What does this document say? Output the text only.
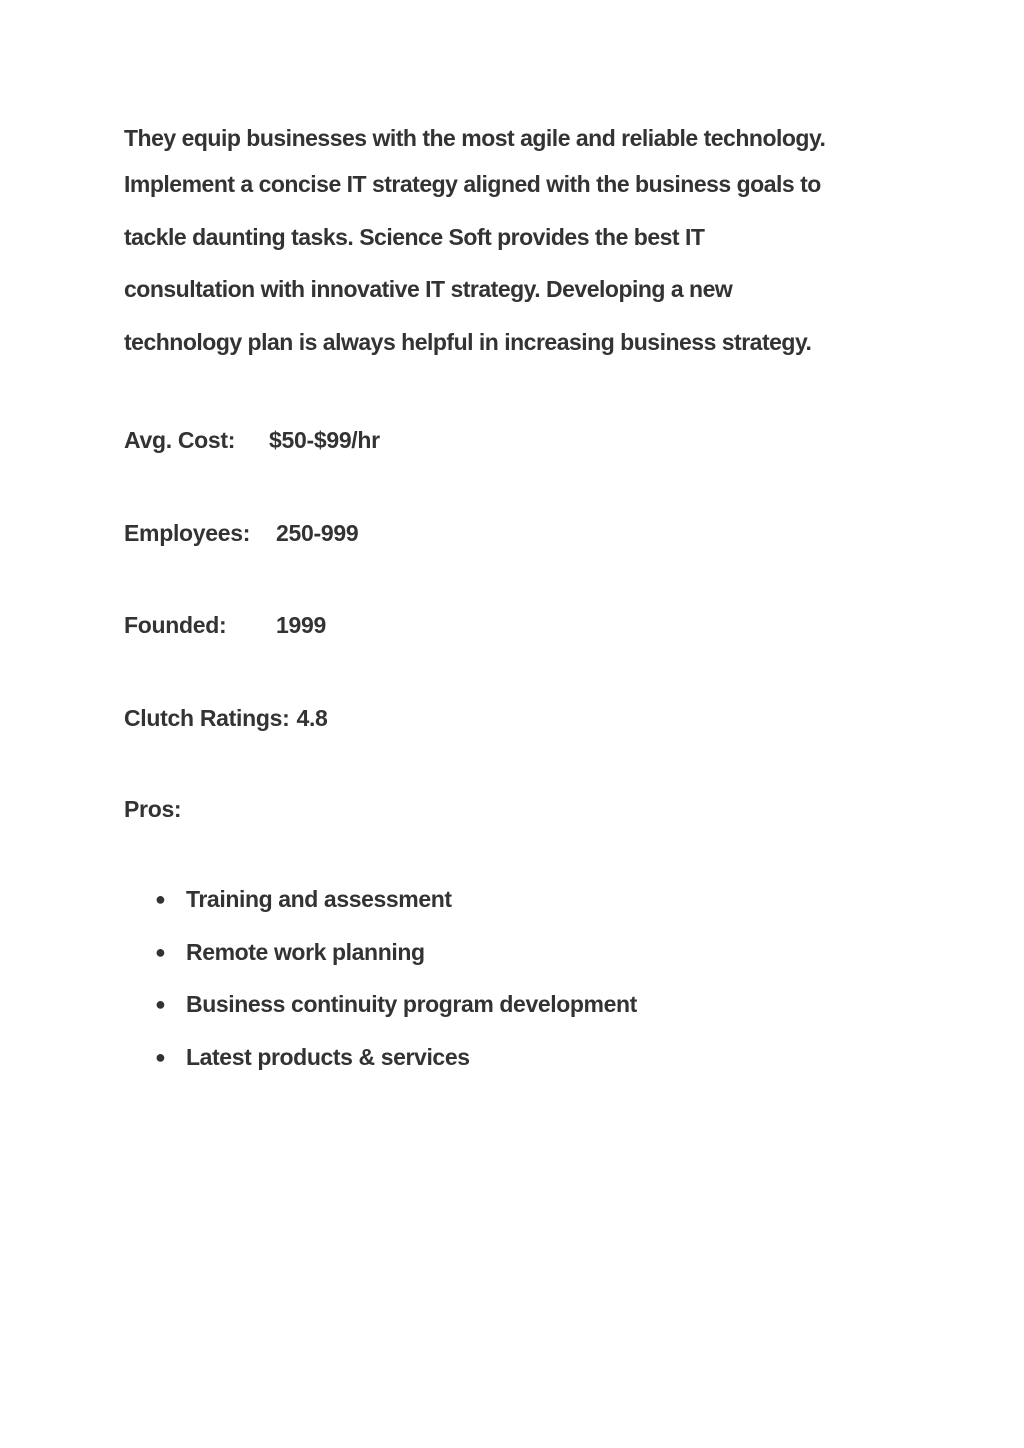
They equip businesses with the most agile and reliable technology.
Implement a concise IT strategy aligned with the business goals to
tackle daunting tasks. Science Soft provides the best IT
consultation with innovative IT strategy. Developing a new
technology plan is always helpful in increasing business strategy.
Avg. Cost: $50-$99/hr
Employees: 250-999
Founded: 1999
Clutch Ratings: 4.8
Pros:
● Training and assessment
● Remote work planning
● Business continuity program development
● Latest products & services
